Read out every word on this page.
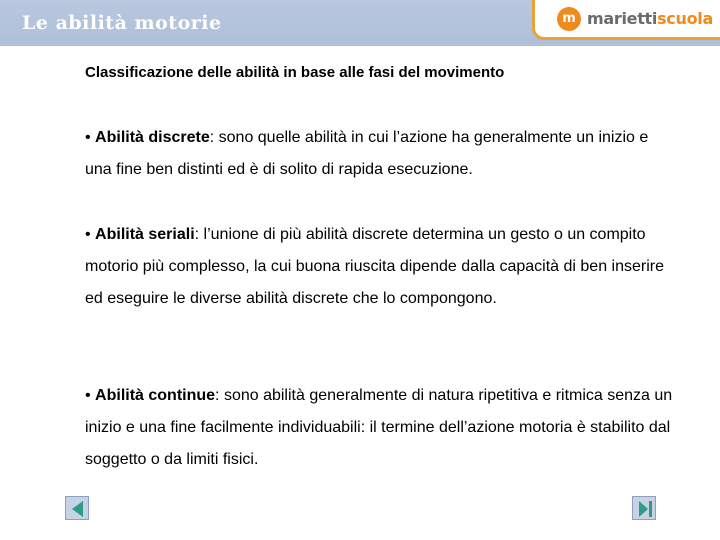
Le abilità motorie	m mariettiscuola

Classificazione delle abilità in base alle fasi del movimento

• Abilità discrete: sono quelle abilità in cui l’azione ha generalmente un inizio e una fine ben distinti ed è di solito di rapida esecuzione.

• Abilità seriali: l’unione di più abilità discrete determina un gesto o un compito motorio più complesso, la cui buona riuscita dipende dalla capacità di ben inserire ed eseguire le diverse abilità discrete che lo compongono.

• Abilità continue: sono abilità generalmente di natura ripetitiva e ritmica senza un inizio e una fine facilmente individuabili: il termine dell’azione motoria è stabilito dal soggetto o da limiti fisici.
